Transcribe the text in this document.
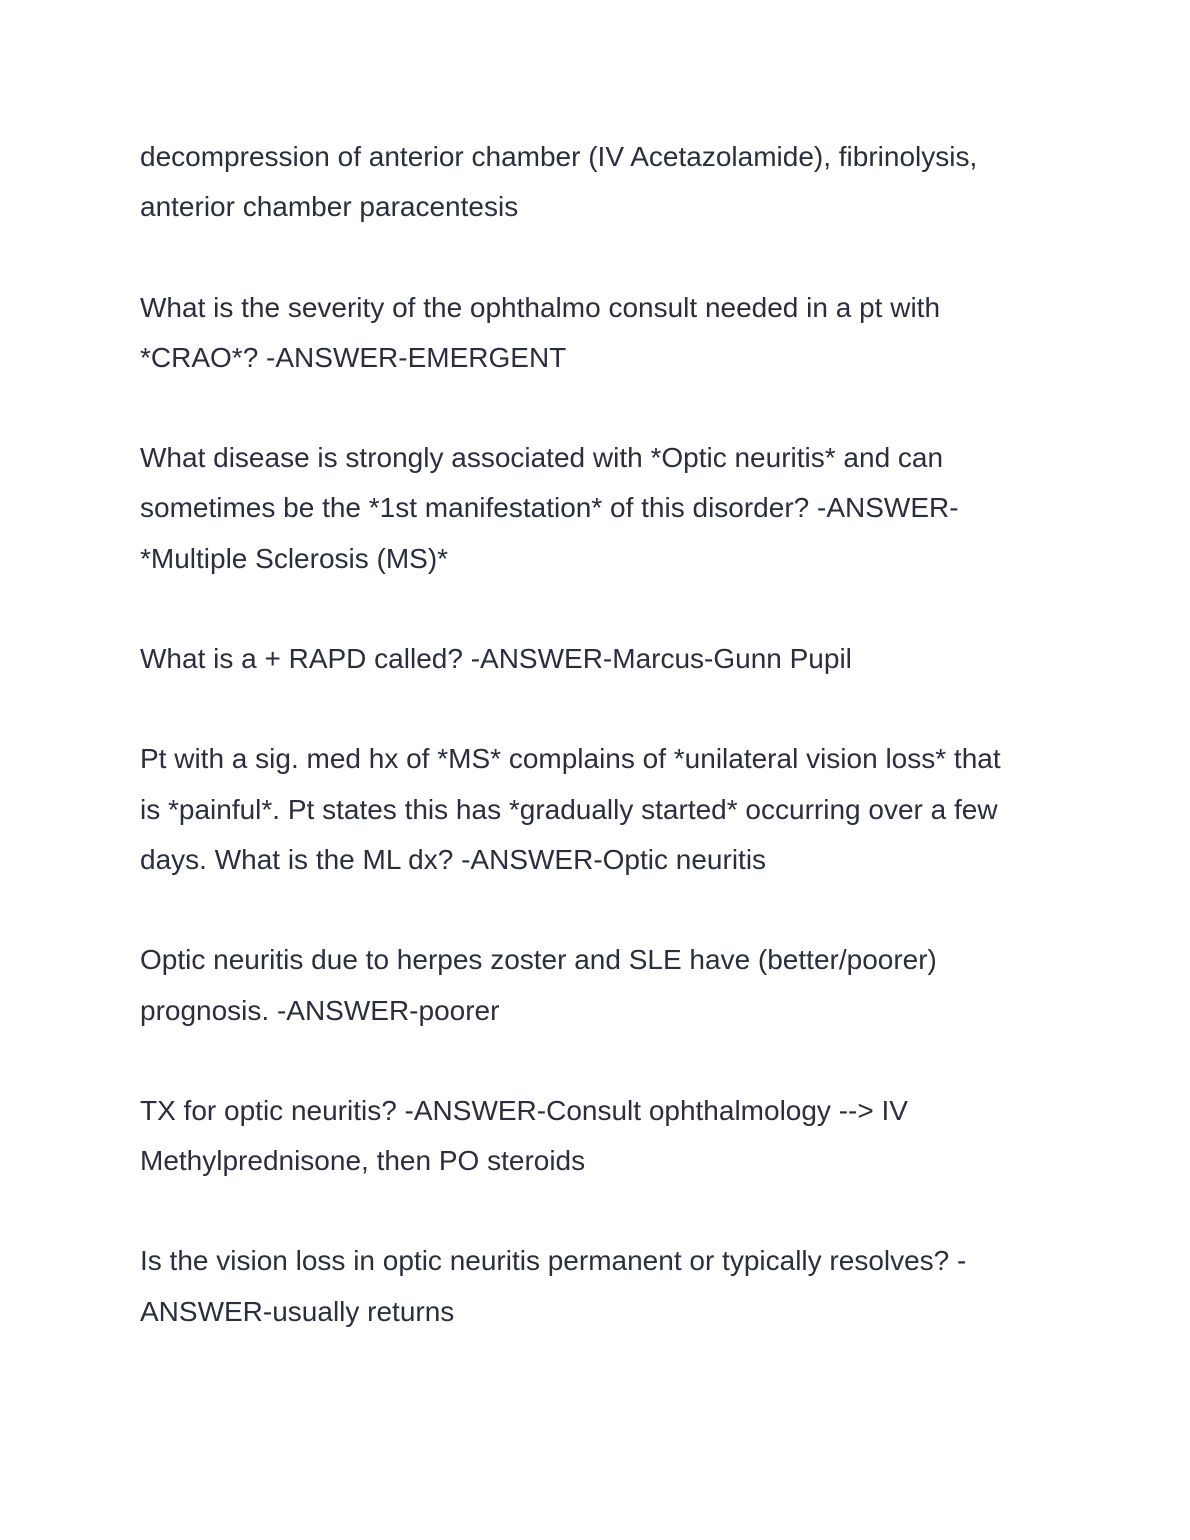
decompression of anterior chamber (IV Acetazolamide), fibrinolysis,
anterior chamber paracentesis

What is the severity of the ophthalmo consult needed in a pt with
*CRAO*? -ANSWER-EMERGENT

What disease is strongly associated with *Optic neuritis* and can
sometimes be the *1st manifestation* of this disorder? -ANSWER-
*Multiple Sclerosis (MS)*

What is a + RAPD called? -ANSWER-Marcus-Gunn Pupil

Pt with a sig. med hx of *MS* complains of *unilateral vision loss* that
is *painful*. Pt states this has *gradually started* occurring over a few
days. What is the ML dx? -ANSWER-Optic neuritis

Optic neuritis due to herpes zoster and SLE have (better/poorer)
prognosis. -ANSWER-poorer

TX for optic neuritis? -ANSWER-Consult ophthalmology --> IV
Methylprednisone, then PO steroids

Is the vision loss in optic neuritis permanent or typically resolves? -
ANSWER-usually returns
